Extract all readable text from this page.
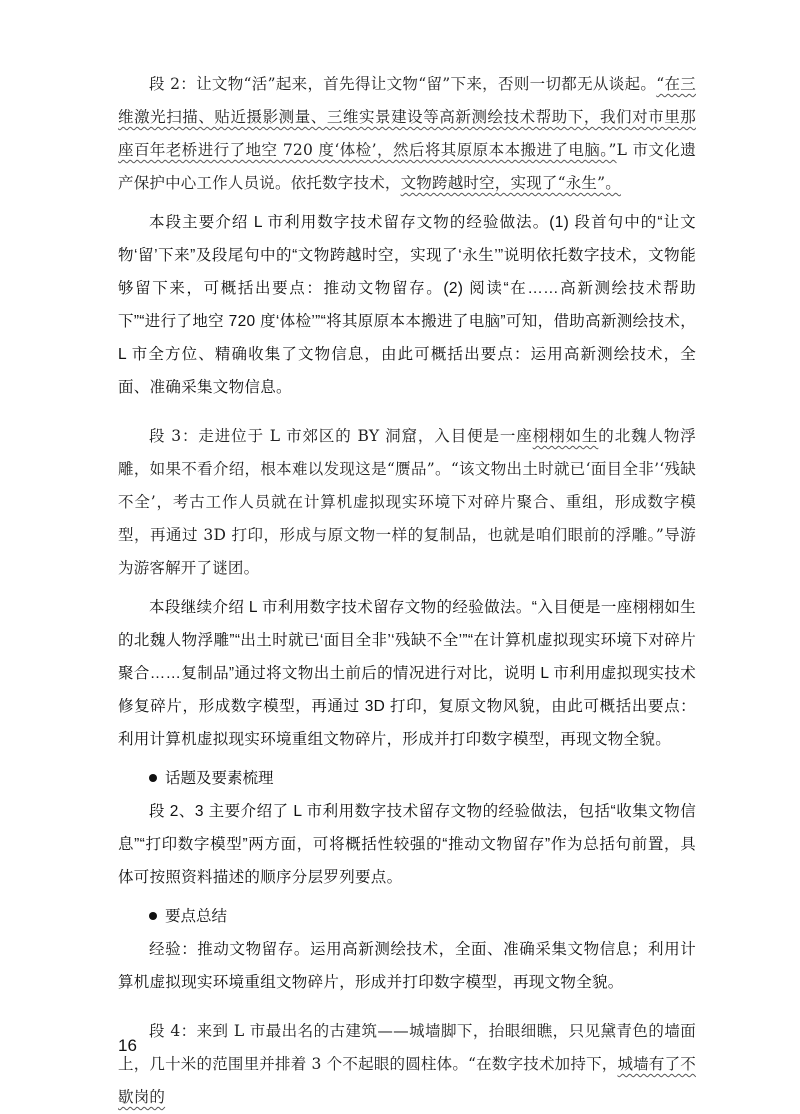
段 2：让文物“活”起来，首先得让文物“留”下来，否则一切都无从谈起。“在三维激光扫描、贴近摄影测量、三维实景建设等高新测绘技术帮助下，我们对市里那座百年老桥进行了地空 720 度‘体检’，然后将其原原本本搬进了电脑。”L 市文化遗产保护中心工作人员说。依托数字技术，文物跨越时空，实现了“永生”。

本段主要介绍 L 市利用数字技术留存文物的经验做法。(1) 段首句中的“让文物‘留’下来”及段尾句中的“文物跨越时空，实现了‘永生’”说明依托数字技术，文物能够留下来，可概括出要点：推动文物留存。(2) 阅读“在……高新测绘技术帮助下”“进行了地空 720 度‘体检’”“将其原原本本搬进了电脑”可知，借助高新测绘技术，L 市全方位、精确收集了文物信息，由此可概括出要点：运用高新测绘技术，全面、准确采集文物信息。

段 3：走进位于 L 市郊区的 BY 洞窟，入目便是一座栩栩如生的北魏人物浮雕，如果不看介绍，根本难以发现这是“赝品”。“该文物出土时就已‘面目全非’‘残缺不全’，考古工作人员就在计算机虚拟现实环境下对碎片聚合、重组，形成数字模型，再通过 3D 打印，形成与原文物一样的复制品，也就是咱们眼前的浮雕。”导游为游客解开了谜团。

本段继续介绍 L 市利用数字技术留存文物的经验做法。“入目便是一座栩栩如生的北魏人物浮雕”“出土时就已‘面目全非’‘残缺不全’”“在计算机虚拟现实环境下对碎片聚合……复制品”通过将文物出土前后的情况进行对比，说明 L 市利用虚拟现实技术修复碎片，形成数字模型，再通过 3D 打印，复原文物风貌，由此可概括出要点：利用计算机虚拟现实环境重组文物碎片，形成并打印数字模型，再现文物全貌。

话题及要素梳理

段 2、3 主要介绍了 L 市利用数字技术留存文物的经验做法，包括“收集文物信息”“打印数字模型”两方面，可将概括性较强的“推动文物留存”作为总括句前置，具体可按照资料描述的顺序分层罗列要点。

要点总结

经验：推动文物留存。运用高新测绘技术，全面、准确采集文物信息；利用计算机虚拟现实环境重组文物碎片，形成并打印数字模型，再现文物全貌。

段 4：来到 L 市最出名的古建筑——城墙脚下，抬眼细瞧，只见黛青色的墙面上，几十米的范围里并排着 3 个不起眼的圆柱体。“在数字技术加持下，城墙有了不歇岗的

16
